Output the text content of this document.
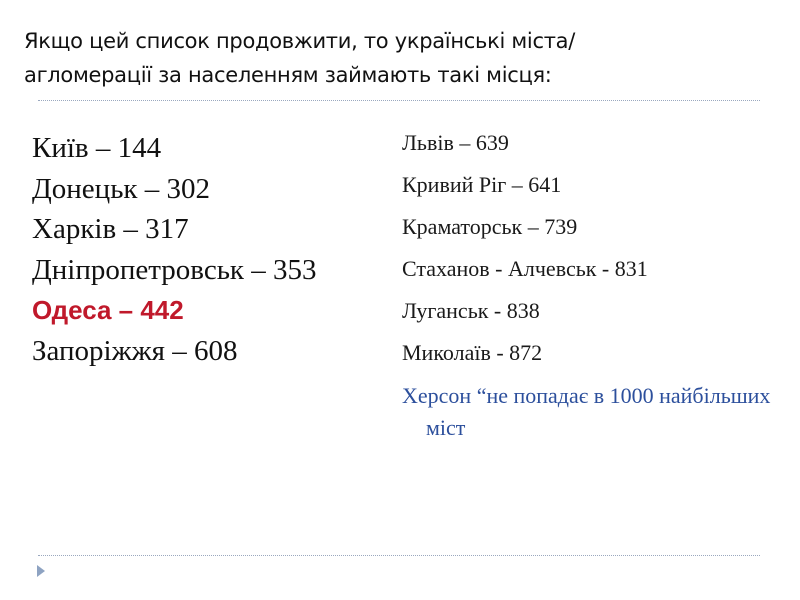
Якщо цей список продовжити, то українські міста/
агломерації за населенням займають такі місця:
Київ – 144
Донецьк – 302
Харків – 317
Дніпропетровськ – 353
Одеса – 442
Запоріжжя – 608
Львів – 639
Кривий Ріг – 641
Краматорськ – 739
Стаханов - Алчевськ - 831
Луганськ - 838
Миколаїв - 872
Херсон “не попадає в 1000 найбільших міст
